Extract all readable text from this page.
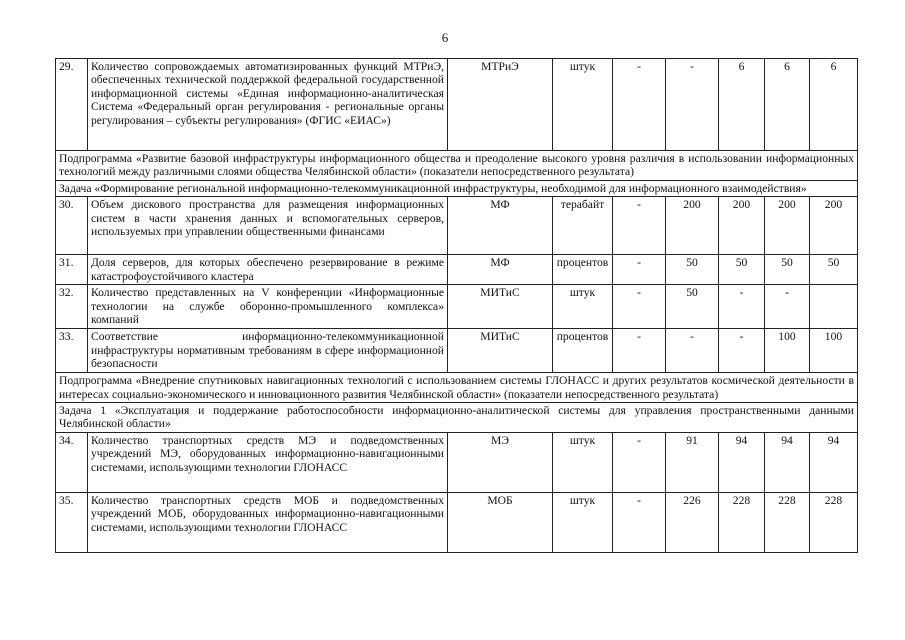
6
29.	Количество сопровождаемых автоматизированных функций МТРиЭ, обеспеченных технической поддержкой федеральной государственной информационной системы «Единая информационно-аналитическая Система «Федеральный орган регулирования - региональные органы регулирования – субъекты регулирования» (ФГИС «ЕИАС»)	МТРиЭ	штук	-	-	6	6	6
Подпрограмма «Развитие базовой инфраструктуры информационного общества и преодоление высокого уровня различия в использовании информационных технологий между различными слоями общества Челябинской области» (показатели непосредственного результата)								
Задача «Формирование региональной информационно-телекоммуникационной инфраструктуры, необходимой для информационного взаимодействия»								
30.	Объем дискового пространства для размещения информационных систем в части хранения данных и вспомогательных серверов, используемых при управлении общественными финансами	МФ	терабайт	-	200	200	200	200
31.	Доля серверов, для которых обеспечено резервирование в режиме катастрофоустойчивого кластера	МФ	процентов	-	50	50	50	50
32.	Количество представленных на V конференции «Информационные технологии на службе оборонно-промышленного комплекса» компаний	МИТиС	штук	-	50	-	-	
33.	Соответствие информационно-телекоммуникационной инфраструктуры нормативным требованиям в сфере информационной безопасности	МИТиС	процентов	-	-	-	100	100
Подпрограмма «Внедрение спутниковых навигационных технологий с использованием системы ГЛОНАСС и других результатов космической деятельности в интересах социально-экономического и инновационного развития Челябинской области» (показатели непосредственного результата)								
Задача 1 «Эксплуатация и поддержание работоспособности информационно-аналитической системы для управления пространственными данными Челябинской области»								
34.	Количество транспортных средств МЭ и подведомственных учреждений МЭ, оборудованных информационно-навигационными системами, использующими технологии ГЛОНАСС	МЭ	штук	-	91	94	94	94
35.	Количество транспортных средств МОБ и подведомственных учреждений МОБ, оборудованных информационно-навигационными системами, использующими технологии ГЛОНАСС	МОБ	штук	-	226	228	228	228
